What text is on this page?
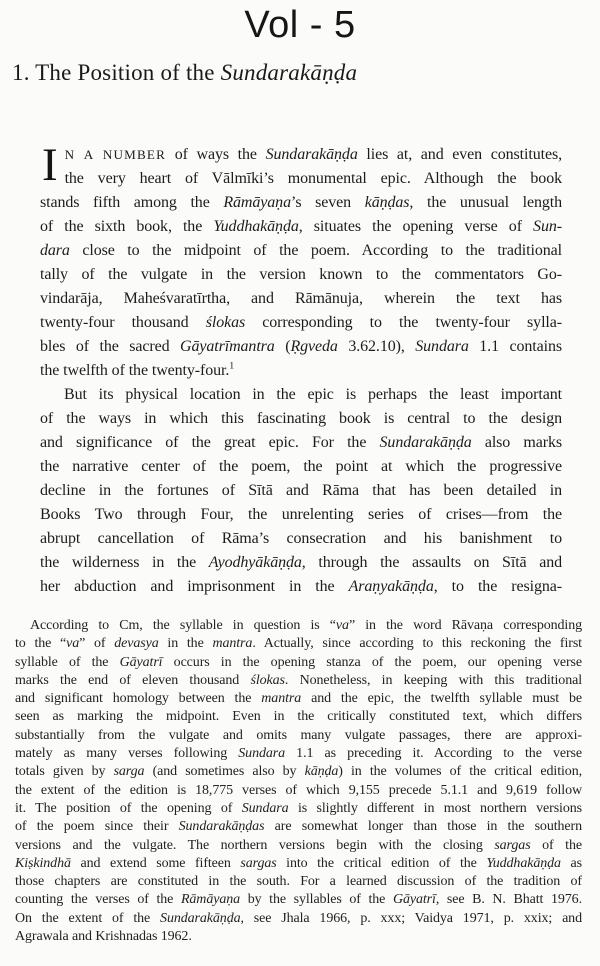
Vol - 5
1. The Position of the Sundarakāṇḍa
I N A NUMBER of ways the Sundarakāṇḍa lies at, and even constitutes,
the very heart of Vālmīki’s monumental epic. Although the book
stands fifth among the Rāmāyaṇa’s seven kāṇḍas, the unusual length
of the sixth book, the Yuddhakāṇḍa, situates the opening verse of Sun-
dara close to the midpoint of the poem. According to the traditional
tally of the vulgate in the version known to the commentators Go-
vindarāja, Maheśvaratīrtha, and Rāmānuja, wherein the text has
twenty-four thousand ślokas corresponding to the twenty-four sylla-
bles of the sacred Gāyatrīmantra (Ṛgveda 3.62.10), Sundara 1.1 contains
the twelfth of the twenty-four.$^1$
But its physical location in the epic is perhaps the least important
of the ways in which this fascinating book is central to the design
and significance of the great epic. For the Sundarakāṇḍa also marks
the narrative center of the poem, the point at which the progressive
decline in the fortunes of Sītā and Rāma that has been detailed in
Books Two through Four, the unrelenting series of crises—from the
abrupt cancellation of Rāma’s consecration and his banishment to
the wilderness in the Ayodhyākāṇḍa, through the assaults on Sītā and
her abduction and imprisonment in the Araṇyakāṇḍa, to the resigna-
According to Cm, the syllable in question is “va” in the word Rāvaṇa corresponding
to the “va” of devasya in the mantra. Actually, since according to this reckoning the first
syllable of the Gāyatrī occurs in the opening stanza of the poem, our opening verse
marks the end of eleven thousand ślokas. Nonetheless, in keeping with this traditional
and significant homology between the mantra and the epic, the twelfth syllable must be
seen as marking the midpoint. Even in the critically constituted text, which differs
substantially from the vulgate and omits many vulgate passages, there are approxi-
mately as many verses following Sundara 1.1 as preceding it. According to the verse
totals given by sarga (and sometimes also by kāṇḍa) in the volumes of the critical edition,
the extent of the edition is 18,775 verses of which 9,155 precede 5.1.1 and 9,619 follow
it. The position of the opening of Sundara is slightly different in most northern versions
of the poem since their Sundarakāṇḍas are somewhat longer than those in the southern
versions and the vulgate. The northern versions begin with the closing sargas of the
Kiṣkindhā and extend some fifteen sargas into the critical edition of the Yuddhakāṇḍa as
those chapters are constituted in the south. For a learned discussion of the tradition of
counting the verses of the Rāmāyaṇa by the syllables of the Gāyatrī, see B. N. Bhatt 1976.
On the extent of the Sundarakāṇḍa, see Jhala 1966, p. xxx; Vaidya 1971, p. xxix; and
Agrawala and Krishnadas 1962.
